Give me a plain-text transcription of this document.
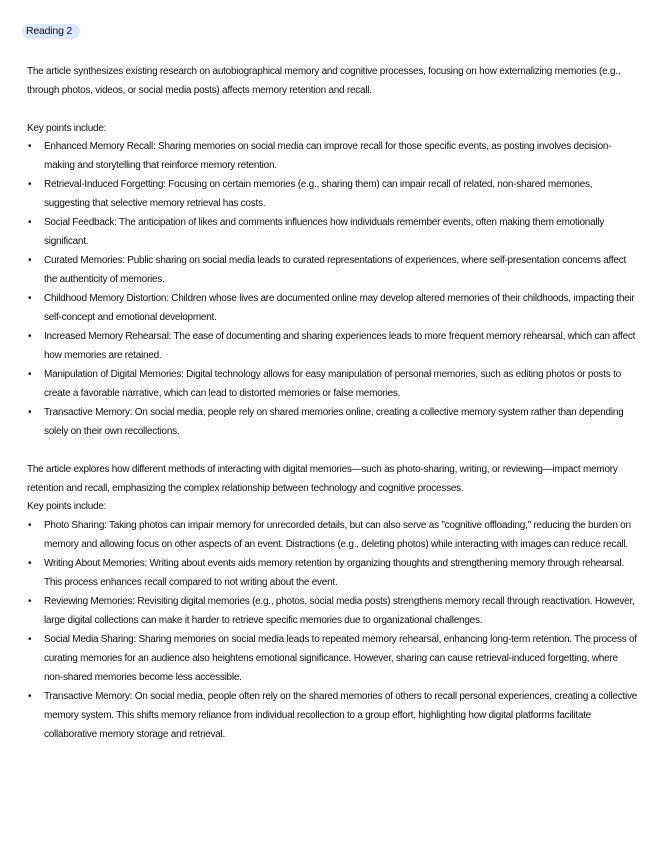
Reading 2

The article synthesizes existing research on autobiographical memory and cognitive processes, focusing on how externalizing memories (e.g., through photos, videos, or social media posts) affects memory retention and recall.

Key points include:

• Enhanced Memory Recall: Sharing memories on social media can improve recall for those specific events, as posting involves decision-making and storytelling that reinforce memory retention.
• Retrieval-Induced Forgetting: Focusing on certain memories (e.g., sharing them) can impair recall of related, non-shared memories, suggesting that selective memory retrieval has costs.
• Social Feedback: The anticipation of likes and comments influences how individuals remember events, often making them emotionally significant.
• Curated Memories: Public sharing on social media leads to curated representations of experiences, where self-presentation concerns affect the authenticity of memories.
• Childhood Memory Distortion: Children whose lives are documented online may develop altered memories of their childhoods, impacting their self-concept and emotional development.
• Increased Memory Rehearsal: The ease of documenting and sharing experiences leads to more frequent memory rehearsal, which can affect how memories are retained.
• Manipulation of Digital Memories: Digital technology allows for easy manipulation of personal memories, such as editing photos or posts to create a favorable narrative, which can lead to distorted memories or false memories.
• Transactive Memory: On social media, people rely on shared memories online, creating a collective memory system rather than depending solely on their own recollections.

The article explores how different methods of interacting with digital memories—such as photo-sharing, writing, or reviewing—impact memory retention and recall, emphasizing the complex relationship between technology and cognitive processes.

Key points include:

• Photo Sharing: Taking photos can impair memory for unrecorded details, but can also serve as "cognitive offloading," reducing the burden on memory and allowing focus on other aspects of an event. Distractions (e.g., deleting photos) while interacting with images can reduce recall.
• Writing About Memories: Writing about events aids memory retention by organizing thoughts and strengthening memory through rehearsal. This process enhances recall compared to not writing about the event.
• Reviewing Memories: Revisiting digital memories (e.g., photos, social media posts) strengthens memory recall through reactivation. However, large digital collections can make it harder to retrieve specific memories due to organizational challenges.
• Social Media Sharing: Sharing memories on social media leads to repeated memory rehearsal, enhancing long-term retention. The process of curating memories for an audience also heightens emotional significance. However, sharing can cause retrieval-induced forgetting, where non-shared memories become less accessible.
• Transactive Memory: On social media, people often rely on the shared memories of others to recall personal experiences, creating a collective memory system. This shifts memory reliance from individual recollection to a group effort, highlighting how digital platforms facilitate collaborative memory storage and retrieval.
